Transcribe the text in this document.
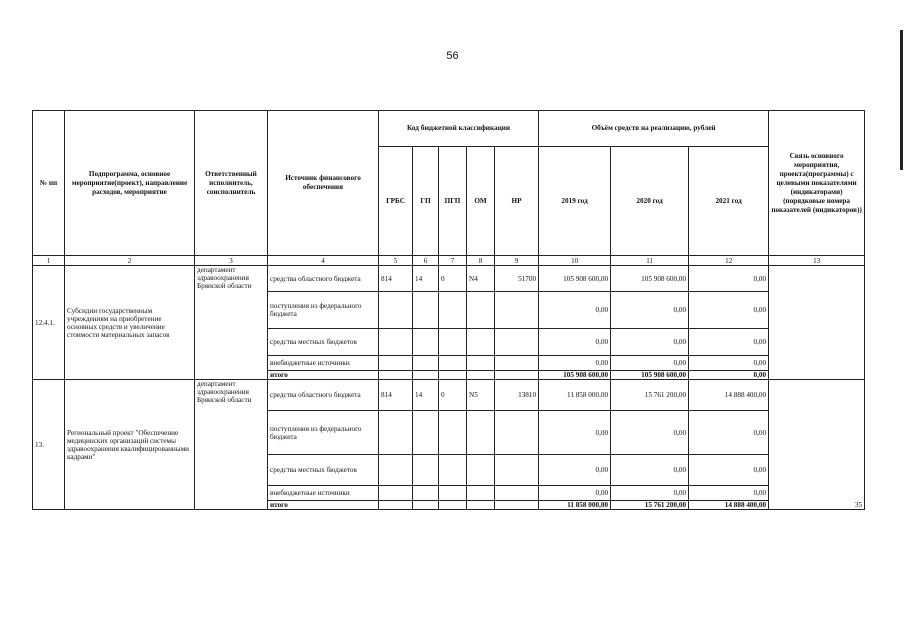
56
№ пп	Подпрограмма, основное мероприятие(проект), направление расходов, мероприятие	Ответственный исполнитель, соисполнитель	Источник финансового обеспечения	Код бюджетной классификации					Объём средств на реализацию, рублей			Связь основного мероприятия, проекта(программы) с целевыми показателями (индикаторами) (порядковые номера показателей (индикаторов))
				ГРБС	ГП	ПГП	ОМ	НР	2019 год	2020 год	2021 год	
1	2	3	4	5	6	7	8	9	10	11	12	13
12.4.1.	Субсидии государственным учреждениям на приобретение основных средств и увеличение стоимости материальных запасов	департамент здравоохранения Брянской области	средства областного бюджета	814	14	0	N4	51700	105 908 600,00	105 908 600,00	0,00	
			поступления из федерального бюджета						0,00	0,00	0,00	
			средства местных бюджетов						0,00	0,00	0,00	
			внебюджетные источники						0,00	0,00	0,00	
			итого						105 908 600,00	105 908 600,00	0,00	
13.	Региональный проект "Обеспечение медицинских организаций системы здравоохранения квалифицированными кадрами"	департамент здравоохранения Брянской области	средства областного бюджета	814	14	0	N5	13810	11 858 000,00	15 761 200,00	14 888 400,00	35
			поступления из федерального бюджета						0,00	0,00	0,00	
			средства местных бюджетов						0,00	0,00	0,00	
			внебюджетные источники						0,00	0,00	0,00	
			итого						11 858 000,00	15 761 200,00	14 888 400,00	
